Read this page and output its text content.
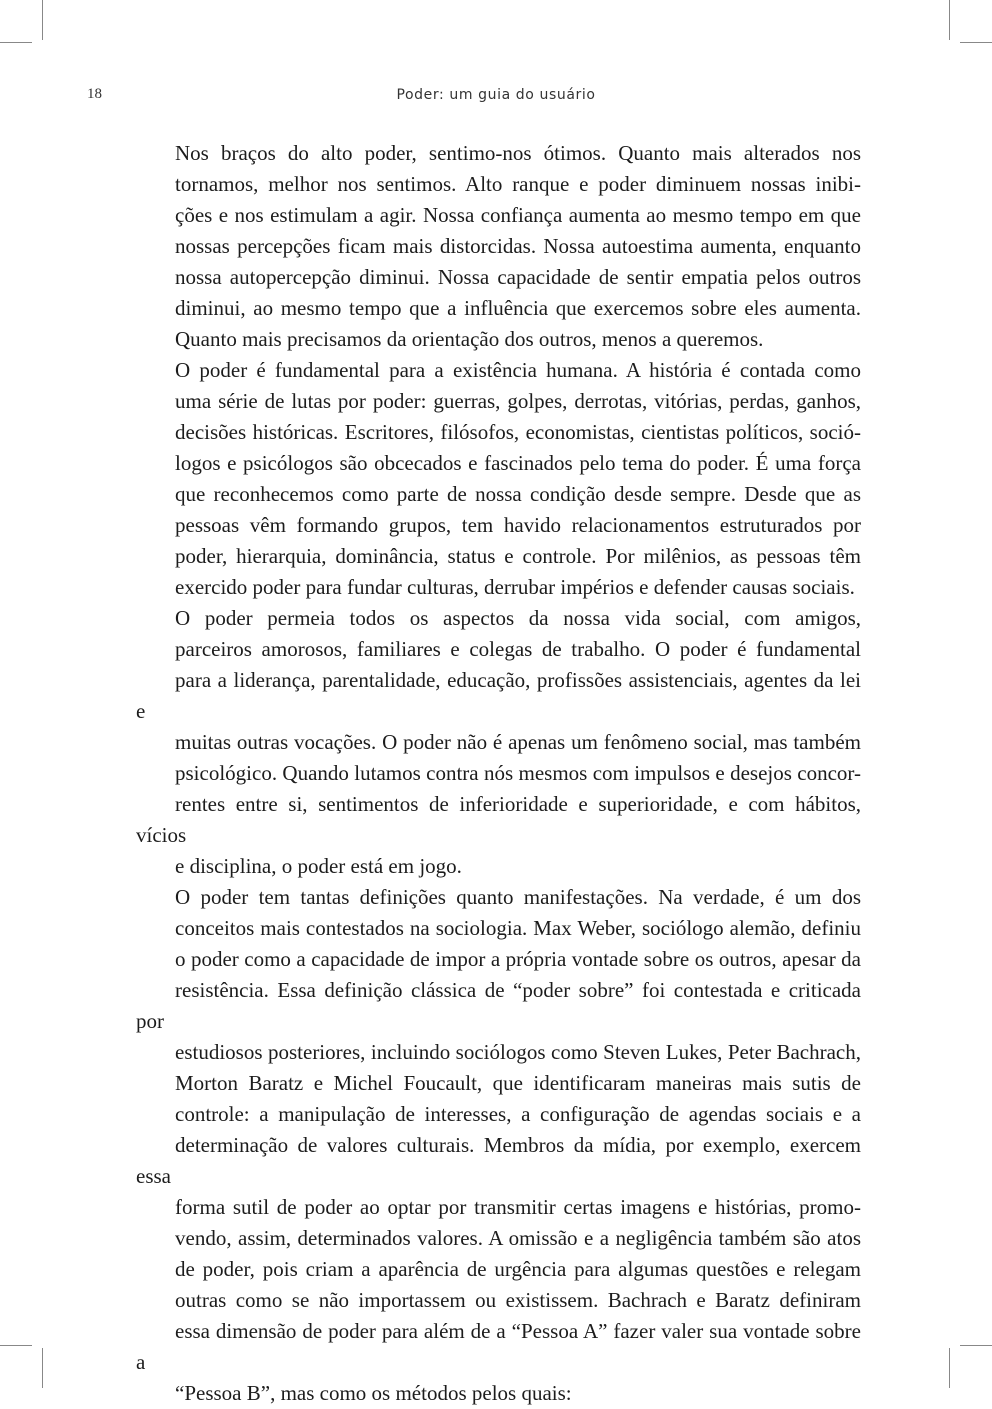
18	Poder: um guia do usuário

Nos braços do alto poder, sentimo-nos ótimos. Quanto mais alterados nos
tornamos, melhor nos sentimos. Alto ranque e poder diminuem nossas inibi-
ções e nos estimulam a agir. Nossa confiança aumenta ao mesmo tempo em que
nossas percepções ficam mais distorcidas. Nossa autoestima aumenta, enquanto
nossa autopercepção diminui. Nossa capacidade de sentir empatia pelos outros
diminui, ao mesmo tempo que a influência que exercemos sobre eles aumenta.
Quanto mais precisamos da orientação dos outros, menos a queremos.

O poder é fundamental para a existência humana. A história é contada como
uma série de lutas por poder: guerras, golpes, derrotas, vitórias, perdas, ganhos,
decisões históricas. Escritores, filósofos, economistas, cientistas políticos, soció-
logos e psicólogos são obcecados e fascinados pelo tema do poder. É uma força
que reconhecemos como parte de nossa condição desde sempre. Desde que as
pessoas vêm formando grupos, tem havido relacionamentos estruturados por
poder, hierarquia, dominância, status e controle. Por milênios, as pessoas têm
exercido poder para fundar culturas, derrubar impérios e defender causas sociais.

O poder permeia todos os aspectos da nossa vida social, com amigos,
parceiros amorosos, familiares e colegas de trabalho. O poder é fundamental
para a liderança, parentalidade, educação, profissões assistenciais, agentes da lei e
muitas outras vocações. O poder não é apenas um fenômeno social, mas também
psicológico. Quando lutamos contra nós mesmos com impulsos e desejos concor-
rentes entre si, sentimentos de inferioridade e superioridade, e com hábitos, vícios
e disciplina, o poder está em jogo.

O poder tem tantas definições quanto manifestações. Na verdade, é um dos
conceitos mais contestados na sociologia. Max Weber, sociólogo alemão, definiu
o poder como a capacidade de impor a própria vontade sobre os outros, apesar da
resistência. Essa definição clássica de “poder sobre” foi contestada e criticada por
estudiosos posteriores, incluindo sociólogos como Steven Lukes, Peter Bachrach,
Morton Baratz e Michel Foucault, que identificaram maneiras mais sutis de
controle: a manipulação de interesses, a configuração de agendas sociais e a
determinação de valores culturais. Membros da mídia, por exemplo, exercem essa
forma sutil de poder ao optar por transmitir certas imagens e histórias, promo-
vendo, assim, determinados valores. A omissão e a negligência também são atos
de poder, pois criam a aparência de urgência para algumas questões e relegam
outras como se não importassem ou existissem. Bachrach e Baratz definiram
essa dimensão de poder para além de a “Pessoa A” fazer valer sua vontade sobre a
“Pessoa B”, mas como os métodos pelos quais:
